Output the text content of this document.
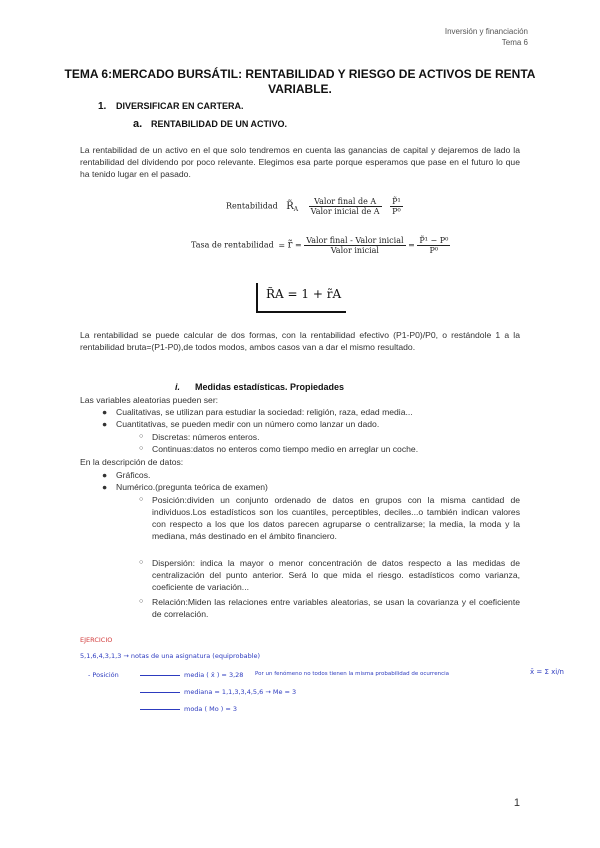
Inversión y financiación
Tema 6
TEMA 6:MERCADO BURSÁTIL: RENTABILIDAD Y RIESGO DE ACTIVOS DE RENTA VARIABLE.
1. DIVERSIFICAR EN CARTERA.
a. RENTABILIDAD DE UN ACTIVO.
La rentabilidad de un activo en el que solo tendremos en cuenta las ganancias de capital y dejaremos de lado la rentabilidad del dividendo por poco relevante. Elegimos esa parte porque esperamos que pase en el futuro lo que ha tenido lugar en el pasado.
Rentabilidad $R̃_A \frac{\text{Valor final de A}}{\text{Valor inicial de A}}$
$\frac{\text{P̃¹}}{\text{P⁰}}$
Tasa de rentabilidad = r̃ = $\frac{\text{Valor final - Valor inicial}}{\text{Valor inicial}} = \frac{\text{P̃¹ − P⁰}}{\text{P⁰}}$
R̃A = 1 + r̃A
La rentabilidad se puede calcular de dos formas, con la rentabilidad efectivo (P1-P0)/P0, o restándole 1 a la rentabilidad bruta=(P1-P0),de todos modos, ambos casos van a dar el mismo resultado.
i. Medidas estadísticas. Propiedades
Las variables aleatorias pueden ser:
● Cualitativas, se utilizan para estudiar la sociedad: religión, raza, edad media...
● Cuantitativas, se pueden medir con un número como lanzar un dado.
○ Discretas: números enteros.
○ Continuas:datos no enteros como tiempo medio en arreglar un coche.
En la descripción de datos:
● Gráficos.
● Numérico.(pregunta teórica de examen)
○ Posición:dividen un conjunto ordenado de datos en grupos con la misma cantidad de individuos.Los estadísticos son los cuantiles, perceptibles, deciles...o también indican valores con respecto a los que los datos parecen agruparse o centralizarse; la media, la moda y la mediana, más destinado en el ámbito financiero.
○ Dispersión: indica la mayor o menor concentración de datos respecto a las medidas de centralización del punto anterior. Será lo que mida el riesgo. estadísticos como varianza, coeficiente de variación...
○ Relación:Miden las relaciones entre variables aleatorias, se usan la covarianza y el coeficiente de correlación.
EJERCICIO
5,1,6,4,3,1,3 → notas de una asignatura (equiprobable)
- Posición	media ( x̄ ) = 3,28 Por un fenómeno no todos tienen la misma probabilidad de ocurrencia	x̄ = Σ xi/n
mediana = 1,1,3,3,4,5,6 → Me = 3
moda ( Mo ) = 3
1
